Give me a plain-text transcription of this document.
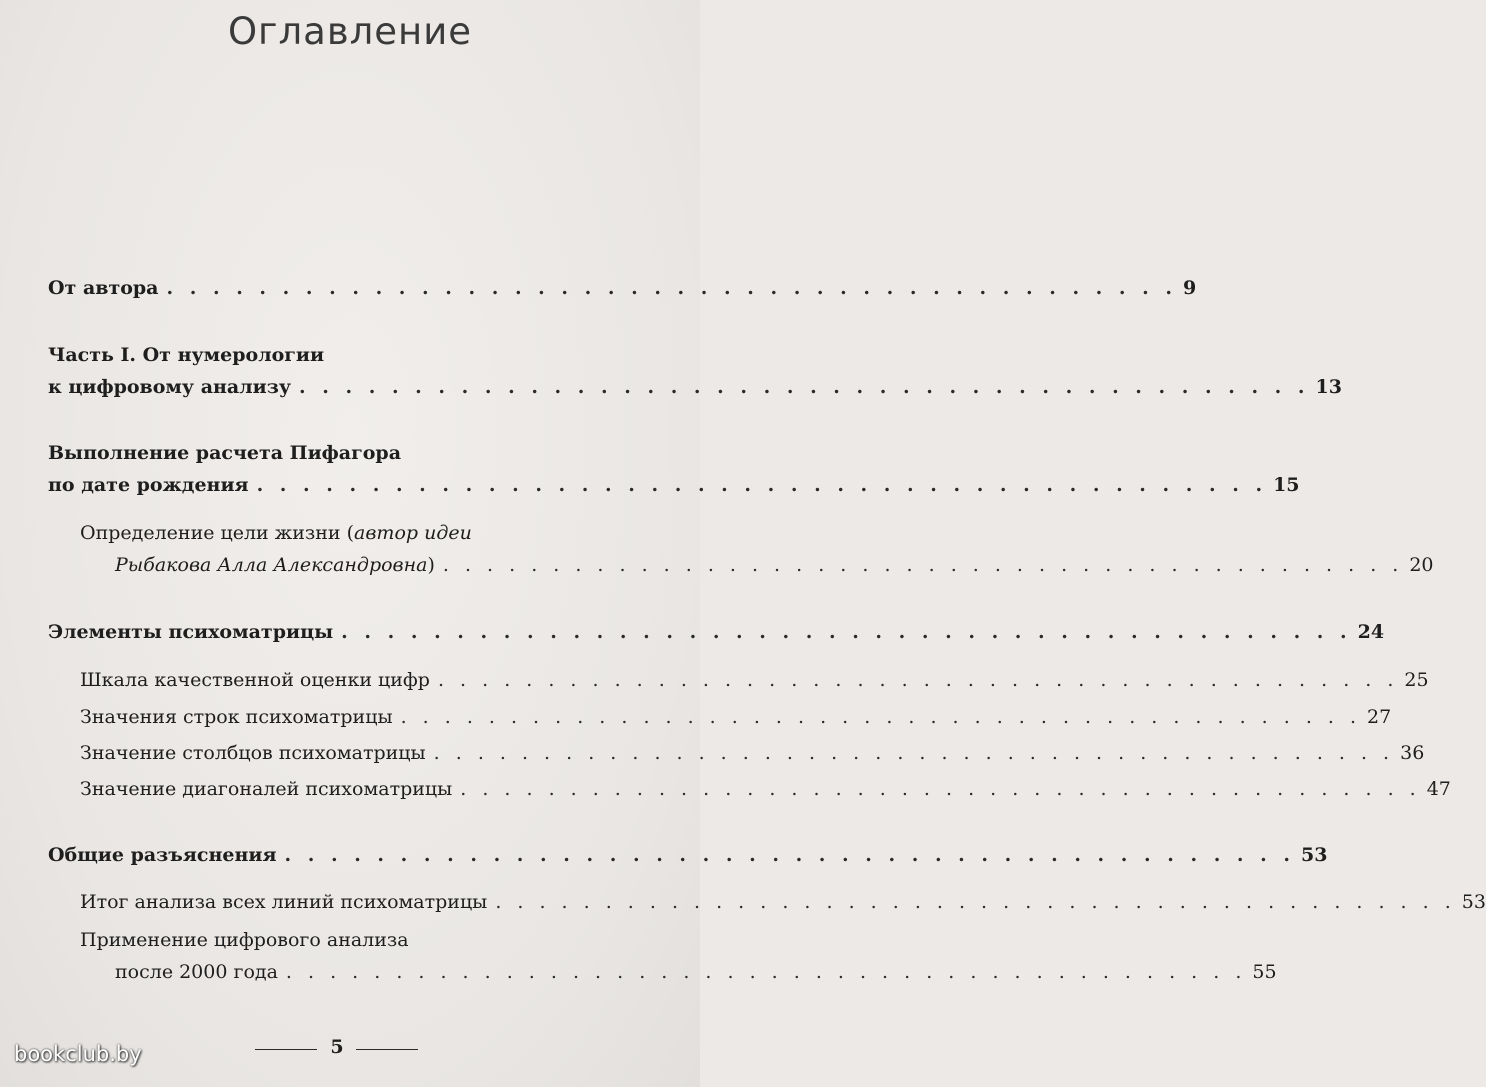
Оглавление
От автора . . . . . . . . . . . . . . . . . . . . . . . . . . . . . . . . . . . . . . . . . . . . 9
Часть I. От нумерологии
к цифровому анализу . . . . . . . . . . . . . . . . . . . . . . . . . . . . . . . . . . . . . . . . . . . . 13
Выполнение расчета Пифагора
по дате рождения . . . . . . . . . . . . . . . . . . . . . . . . . . . . . . . . . . . . . . . . . . . . 15
Определение цели жизни (автор идеи
Рыбакова Алла Александровна) . . . . . . . . . . . . . . . . . . . . . . . . . . . . . . . . . . . . . . . . . . . . 20
Элементы психоматрицы . . . . . . . . . . . . . . . . . . . . . . . . . . . . . . . . . . . . . . . . . . . . 24
Шкала качественной оценки цифр . . . . . . . . . . . . . . . . . . . . . . . . . . . . . . . . . . . . . . . . . . . . 25
Значения строк психоматрицы . . . . . . . . . . . . . . . . . . . . . . . . . . . . . . . . . . . . . . . . . . . . 27
Значение столбцов психоматрицы . . . . . . . . . . . . . . . . . . . . . . . . . . . . . . . . . . . . . . . . . . . . 36
Значение диагоналей психоматрицы . . . . . . . . . . . . . . . . . . . . . . . . . . . . . . . . . . . . . . . . . . . . 47
Общие разъяснения . . . . . . . . . . . . . . . . . . . . . . . . . . . . . . . . . . . . . . . . . . . . 53
Итог анализа всех линий психоматрицы . . . . . . . . . . . . . . . . . . . . . . . . . . . . . . . . . . . . . . . . . . . . 53
Применение цифрового анализа
после 2000 года . . . . . . . . . . . . . . . . . . . . . . . . . . . . . . . . . . . . . . . . . . . . 55
5
bookclub.by
